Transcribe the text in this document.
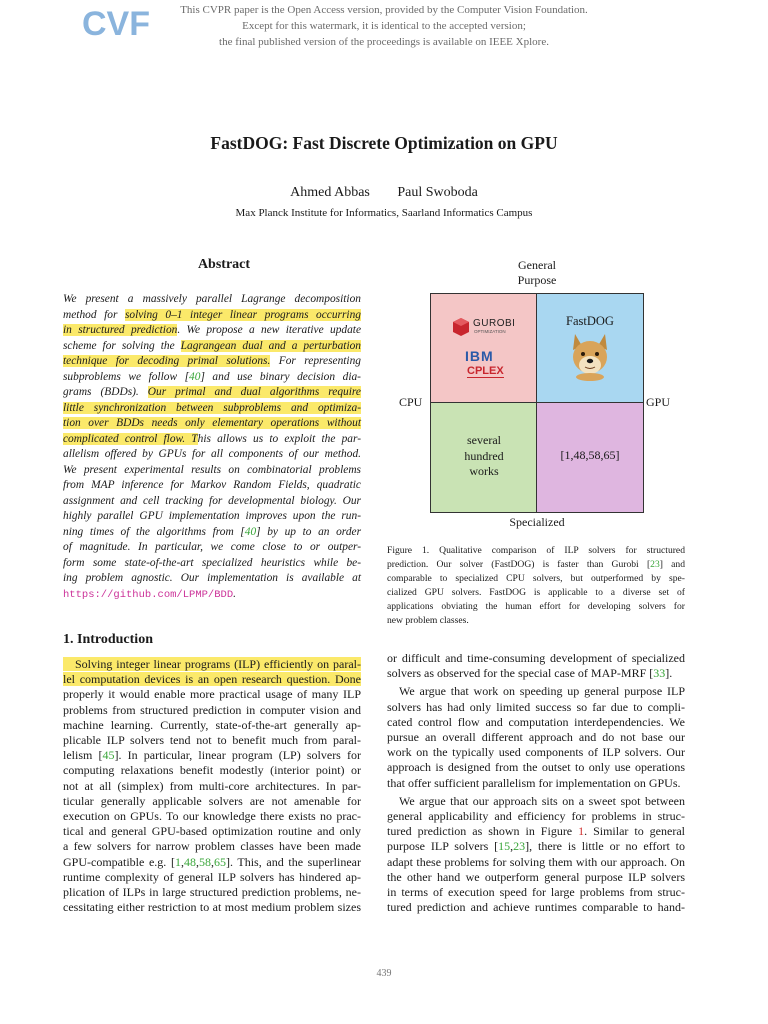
CVF	This CVPR paper is the Open Access version, provided by the Computer Vision Foundation.
Except for this watermark, it is identical to the accepted version;
the final published version of the proceedings is available on IEEE Xplore.
FastDOG: Fast Discrete Optimization on GPU
Ahmed Abbas Paul Swoboda
Max Planck Institute for Informatics, Saarland Informatics Campus
Abstract
We present a massively parallel Lagrange decomposition
method for solving 0–1 integer linear programs occurring
in structured prediction. We propose a new iterative update
scheme for solving the Lagrangean dual and a perturbation
technique for decoding primal solutions. For representing
subproblems we follow [40] and use binary decision dia-
grams (BDDs). Our primal and dual algorithms require
little synchronization between subproblems and optimiza-
tion over BDDs needs only elementary operations without
complicated control flow. This allows us to exploit the par-
allelism offered by GPUs for all components of our method.
We present experimental results on combinatorial problems
from MAP inference for Markov Random Fields, quadratic
assignment and cell tracking for developmental biology. Our
highly parallel GPU implementation improves upon the run-
ning times of the algorithms from [40] by up to an order
of magnitude. In particular, we come close to or outper-
form some state-of-the-art specialized heuristics while be-
ing problem agnostic. Our implementation is available at
https://github.com/LPMP/BDD.
General
Purpose
CPU	GPU
Specialized
GUROBI
OPTIMIZATION
IBM
CPLEX
FastDOG
several
hundred
works
[1,48,58,65]
Figure 1. Qualitative comparison of ILP solvers for structured
prediction. Our solver (FastDOG) is faster than Gurobi [23] and
comparable to specialized CPU solvers, but outperformed by spe-
cialized GPU solvers. FastDOG is applicable to a diverse set of
applications obviating the human effort for developing solvers for
new problem classes.
1. Introduction
Solving integer linear programs (ILP) efficiently on paral-
lel computation devices is an open research question. Done
properly it would enable more practical usage of many ILP
problems from structured prediction in computer vision and
machine learning. Currently, state-of-the-art generally ap-
plicable ILP solvers tend not to benefit much from paral-
lelism [45]. In particular, linear program (LP) solvers for
computing relaxations benefit modestly (interior point) or
not at all (simplex) from multi-core architectures. In par-
ticular generally applicable solvers are not amenable for
execution on GPUs. To our knowledge there exists no prac-
tical and general GPU-based optimization routine and only
a few solvers for narrow problem classes have been made
GPU-compatible e.g. [1,48,58,65]. This, and the superlinear
runtime complexity of general ILP solvers has hindered ap-
plication of ILPs in large structured prediction problems, ne-
cessitating either restriction to at most medium problem sizes
or difficult and time-consuming development of specialized
solvers as observed for the special case of MAP-MRF [33].
We argue that work on speeding up general purpose ILP
solvers has had only limited success so far due to compli-
cated control flow and computation interdependencies. We
pursue an overall different approach and do not base our
work on the typically used components of ILP solvers. Our
approach is designed from the outset to only use operations
that offer sufficient parallelism for implementation on GPUs.
We argue that our approach sits on a sweet spot between
general applicability and efficiency for problems in struc-
tured prediction as shown in Figure 1. Similar to general
purpose ILP solvers [15,23], there is little or no effort to
adapt these problems for solving them with our approach. On
the other hand we outperform general purpose ILP solvers
in terms of execution speed for large problems from struc-
tured prediction and achieve runtimes comparable to hand-
439
